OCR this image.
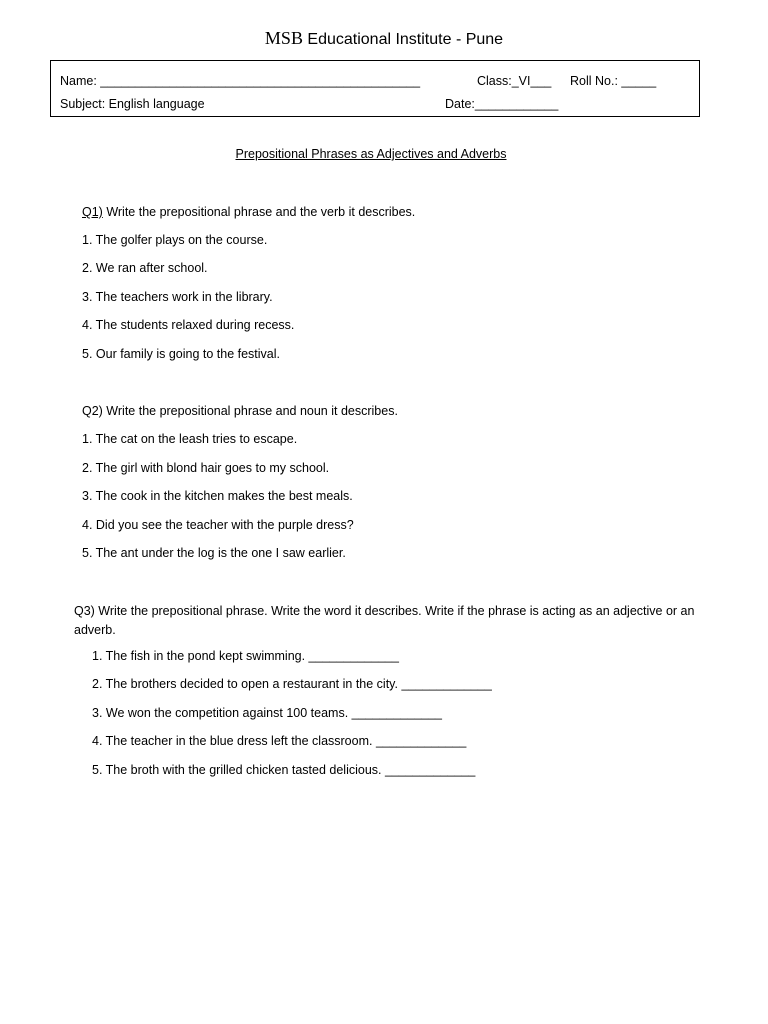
MSB Educational Institute - Pune
Name: ______________________________________________	Class:_VI___ Roll No.: _____
Subject: English language	Date:____________
Prepositional Phrases as Adjectives and Adverbs
Q1) Write the prepositional phrase and the verb it describes.
1. The golfer plays on the course.
2. We ran after school.
3. The teachers work in the library.
4. The students relaxed during recess.
5. Our family is going to the festival.
Q2) Write the prepositional phrase and noun it describes.
1. The cat on the leash tries to escape.
2. The girl with blond hair goes to my school.
3. The cook in the kitchen makes the best meals.
4. Did you see the teacher with the purple dress?
5. The ant under the log is the one I saw earlier.
Q3) Write the prepositional phrase. Write the word it describes. Write if the phrase is acting as an adjective or an adverb.
1. The fish in the pond kept swimming. _____________
2. The brothers decided to open a restaurant in the city. _____________
3. We won the competition against 100 teams. _____________
4. The teacher in the blue dress left the classroom. _____________
5. The broth with the grilled chicken tasted delicious. _____________
